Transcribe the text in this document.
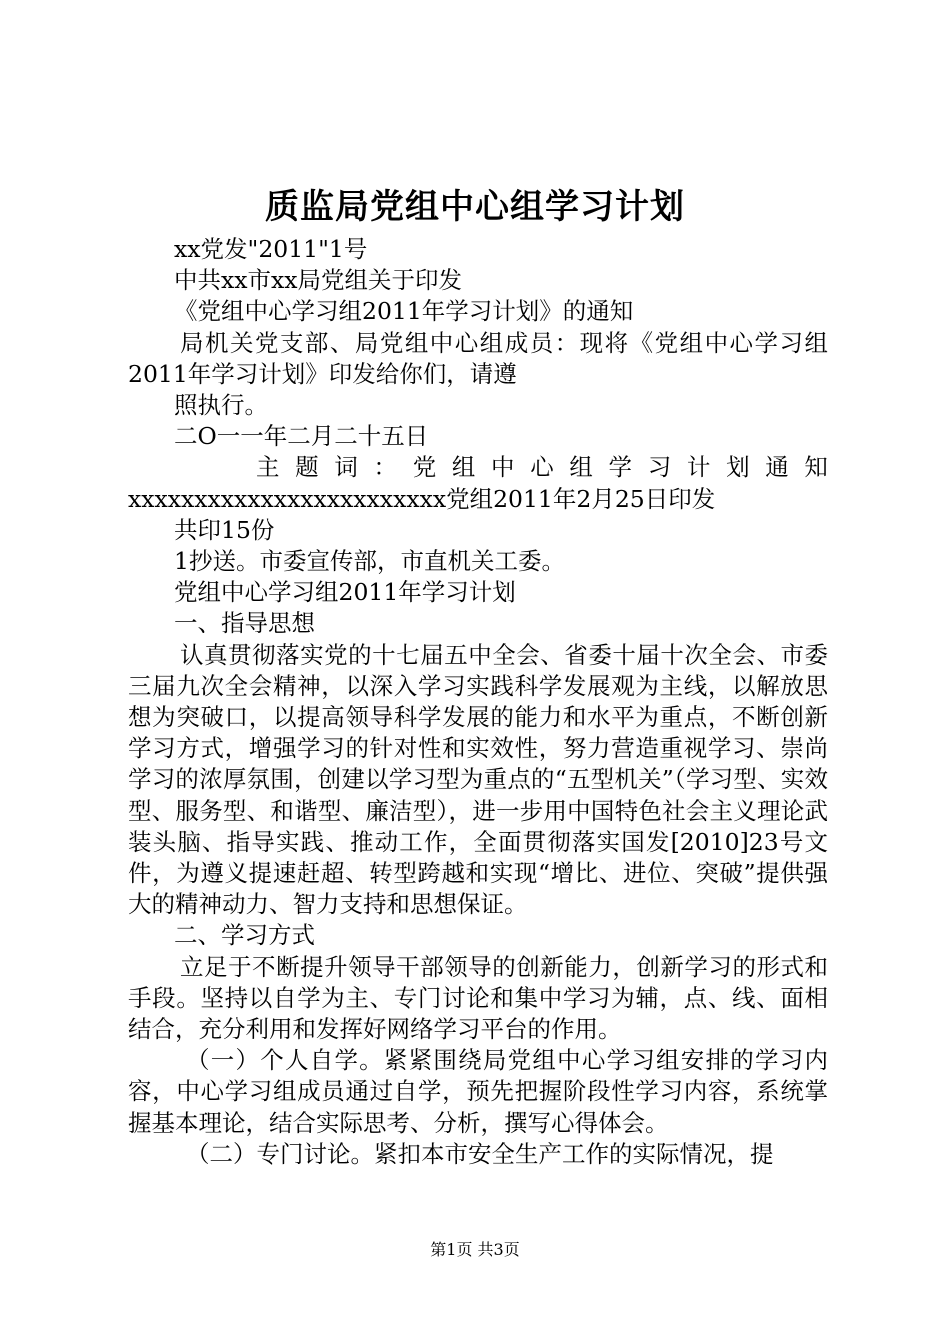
质监局党组中心组学习计划
xx党发"2011"1号
中共xx市xx局党组关于印发
《党组中心学习组2011年学习计划》的通知
局机关党支部、局党组中心组成员：现将《党组中心学习组2011年学习计划》印发给你们，请遵
照执行。
二O一一年二月二十五日
主 题 词 ： 党 组 中 心 组 学 习 计 划 通 知
xxxxxxxxxxxxxxxxxxxxxxxx党组2011年2月25日印发
共印15份
1抄送。市委宣传部，市直机关工委。
党组中心学习组2011年学习计划
一、指导思想
认真贯彻落实党的十七届五中全会、省委十届十次全会、市委三届九次全会精神，以深入学习实践科学发展观为主线，以解放思想为突破口，以提高领导科学发展的能力和水平为重点，不断创新学习方式，增强学习的针对性和实效性，努力营造重视学习、崇尚学习的浓厚氛围，创建以学习型为重点的“五型机关”（学习型、实效型、服务型、和谐型、廉洁型），进一步用中国特色社会主义理论武装头脑、指导实践、推动工作，全面贯彻落实国发[2010]23号文件，为遵义提速赶超、转型跨越和实现“增比、进位、突破”提供强大的精神动力、智力支持和思想保证。
二、学习方式
立足于不断提升领导干部领导的创新能力，创新学习的形式和手段。坚持以自学为主、专门讨论和集中学习为辅，点、线、面相结合，充分利用和发挥好网络学习平台的作用。
（一）个人自学。紧紧围绕局党组中心学习组安排的学习内容，中心学习组成员通过自学，预先把握阶段性学习内容，系统掌握基本理论，结合实际思考、分析，撰写心得体会。
（二）专门讨论。紧扣本市安全生产工作的实际情况，提
第1页 共3页
